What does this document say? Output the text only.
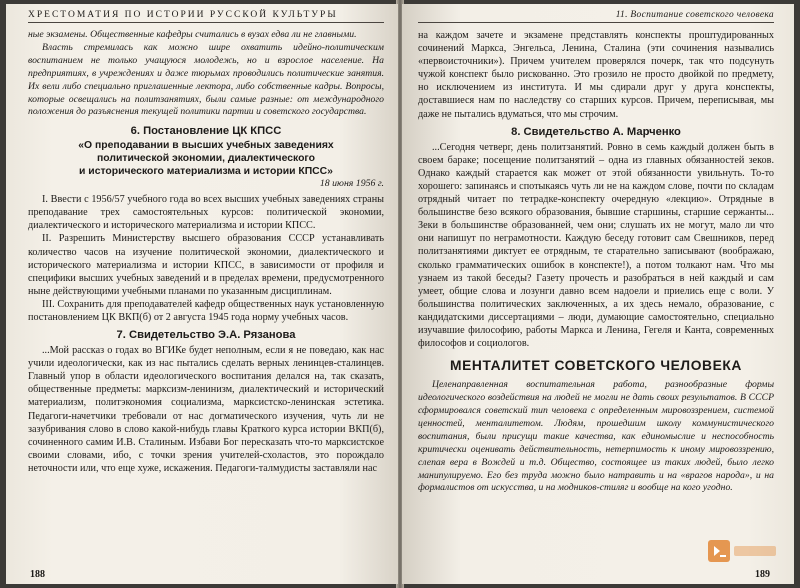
ХРЕСТОМАТИЯ ПО ИСТОРИИ РУССКОЙ КУЛЬТУРЫ

ные экзамены. Общественные кафедры считались в вузах едва ли не главными.

Власть стремилась как можно шире охватить идейно-политическим воспитанием не только учащуюся молодежь, но и взрослое население. На предприятиях, в учреждениях и даже тюрьмах проводились политические занятия. Их вели либо специально приглашенные лектора, либо собственные кадры. Вопросы, которые освещались на политзанятиях, были самые разные: от международного положения до разъяснения текущей политики партии и советского государства.

6. Постановление ЦК КПСС
«О преподавании в высших учебных заведениях
политической экономии, диалектического
и исторического материализма и истории КПСС»
18 июня 1956 г.

I. Ввести с 1956/57 учебного года во всех высших учебных заведениях страны преподавание трех самостоятельных курсов: политической экономии, диалектического и исторического материализма и истории КПСС.

II. Разрешить Министерству высшего образования СССР устанавливать количество часов на изучение политической экономии, диалектического и исторического материализма и истории КПСС, в зависимости от профиля и специфики высших учебных заведений и в пределах времени, предусмотренного ныне действующими учебными планами по указанным дисциплинам.

III. Сохранить для преподавателей кафедр общественных наук установленную постановлением ЦК ВКП(б) от 2 августа 1945 года норму учебных часов.

7. Свидетельство Э.А. Рязанова

...Мой рассказ о годах во ВГИКе будет неполным, если я не поведаю, как нас учили идеологически, как из нас пытались сделать верных ленинцев-сталинцев. Главный упор в области идеологического воспитания делался на, так сказать, общественные предметы: марксизм-ленинизм, диалектический и исторический материализм, политэкономия социализма, марксистско-ленинская эстетика. Педагоги-начетчики требовали от нас догматического изучения, чуть ли не зазубривания слово в слово какой-нибудь главы Краткого курса истории ВКП(б), сочиненного самим И.В. Сталиным. Избави Бог пересказать что-то марксистское своими словами, ибо, с точки зрения учителей-схоластов, это порождало неточности или, что еще хуже, искажения. Педагоги-талмудисты заставляли нас

188
11. Воспитание советского человека

на каждом зачете и экзамене представлять конспекты проштудированных сочинений Маркса, Энгельса, Ленина, Сталина (эти сочинения назывались «первоисточники»). Причем учителем проверялся почерк, так что подсунуть чужой конспект было рискованно. Это грозило не просто двойкой по предмету, но исключением из института. И мы сдирали друг у друга конспекты, доставшиеся нам по наследству со старших курсов. Причем, переписывая, мы даже не пытались вдуматься, что мы строчим.

8. Свидетельство А. Марченко

...Сегодня четверг, день политзанятий. Ровно в семь каждый должен быть в своем бараке; посещение политзанятий – одна из главных обязанностей зеков. Однако каждый старается как может от этой обязанности увильнуть. То-то хорошего: запинаясь и спотыкаясь чуть ли не на каждом слове, почти по складам отрядный читает по тетрадке-конспекту очередную «лекцию». Отрядные в большинстве безо всякого образования, бывшие старшины, старшие сержанты... Зеки в большинстве образованней, чем они; слушать их не могут, мало ли что они напишут по неграмотности. Каждую беседу готовит сам Свешников, перед политзанятиями диктует ее отрядным, те старательно записывают (воображаю, сколько грамматических ошибок в конспекте!), а потом толкают нам. Что мы узнаем из такой беседы? Газету прочесть и разобраться в ней каждый и сам умеет, общие слова и лозунги давно всем надоели и приелись еще с воли. У большинства политических заключенных, а их здесь немало, образование, с кандидатскими диссертациями – люди, думающие самостоятельно, специально изучавшие философию, работы Маркса и Ленина, Гегеля и Канта, современных философов и социологов.

МЕНТАЛИТЕТ СОВЕТСКОГО ЧЕЛОВЕКА

Целенаправленная воспитательная работа, разнообразные формы идеологического воздействия на людей не могли не дать своих результатов. В СССР сформировался советский тип человека с определенным мировоззрением, системой ценностей, менталитетом. Людям, прошедшим школу коммунистического воспитания, были присущи такие качества, как единомыслие и неспособность критически оценивать действительность, нетерпимость к иному мировоззрению, слепая вера в Вождей и т.д. Общество, состоящее из таких людей, было легко манипулируемо. Его без труда можно было натравить и на «врагов народа», и на формалистов от искусства, и на модников-стиляг и вообще на кого угодно.

189
